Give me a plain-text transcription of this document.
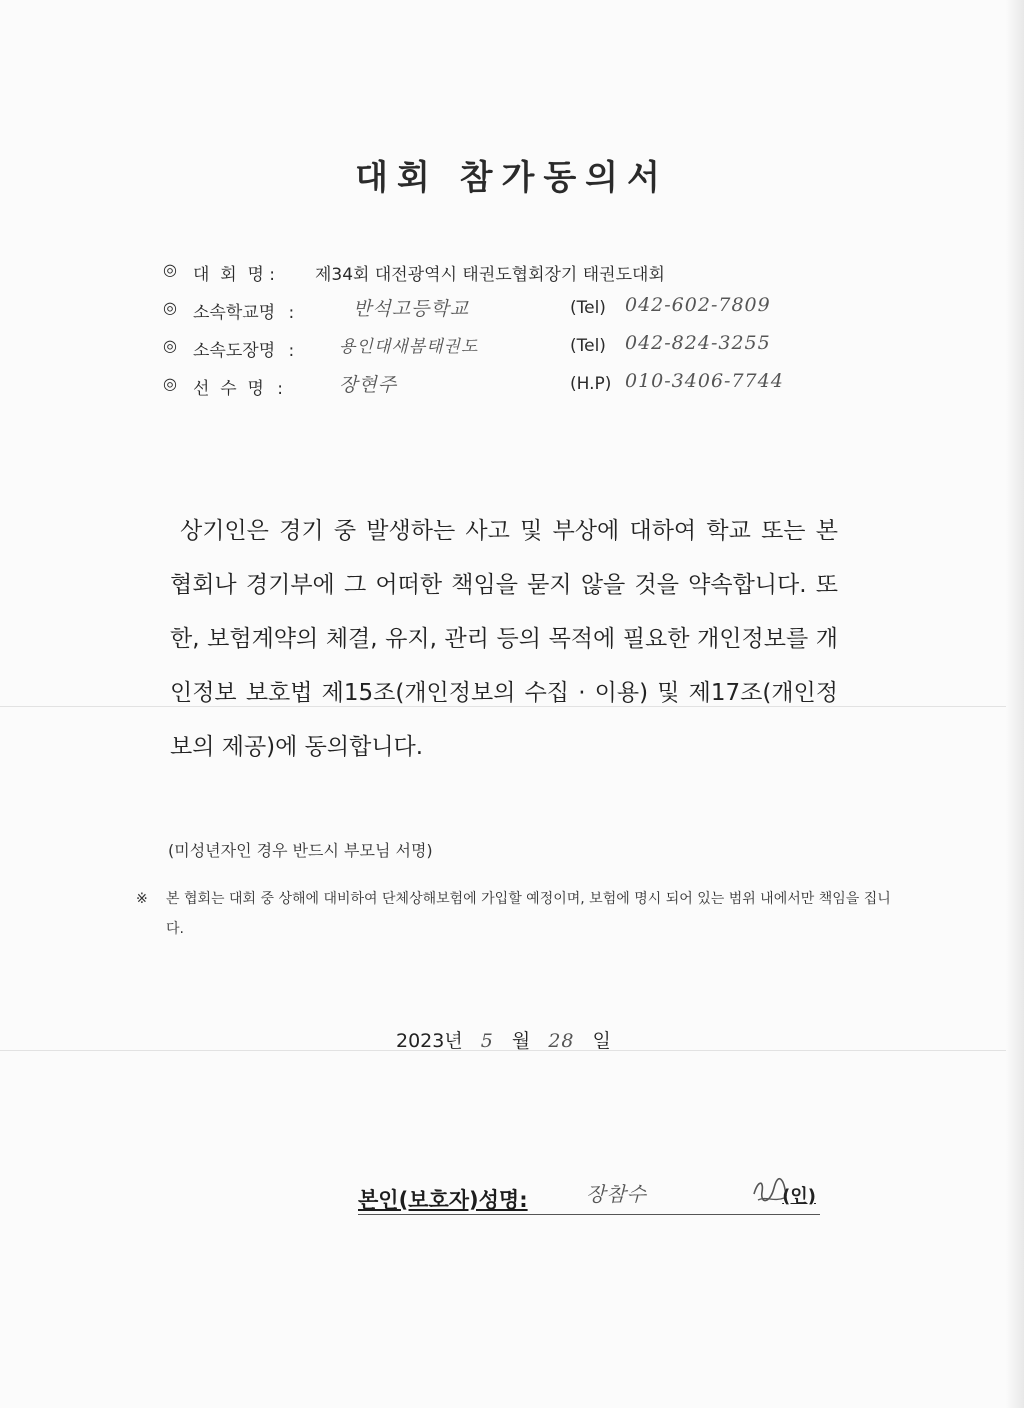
대회 참가동의서
◎ 대  회  명 : 제34회 대전광역시 태권도협회장기 태권도대회
◎ 소속학교명 :	반석고등학교	(Tel) 042-602-7809
◎ 소속도장명 :	용인대새봄태권도	(Tel) 042-824-3255
◎ 선  수  명 :	장현주	(H.P) 010-3406-7744

상기인은 경기 중 발생하는 사고 및 부상에 대하여 학교 또는 본 협회나 경기부에 그 어떠한 책임을 묻지 않을 것을 약속합니다. 또한, 보험계약의 체결, 유지, 관리 등의 목적에 필요한 개인정보를 개인정보 보호법 제15조(개인정보의 수집 · 이용) 및 제17조(개인정보의 제공)에 동의합니다.

(미성년자인 경우 반드시 부모님 서명)
※ 본 협회는 대회 중 상해에 대비하여 단체상해보험에 가입할 예정이며, 보험에 명시 되어 있는 범위 내에서만 책임을 집니다.
2023년 5 월 28 일
본인(보호자)성명:	장참수	(인)
